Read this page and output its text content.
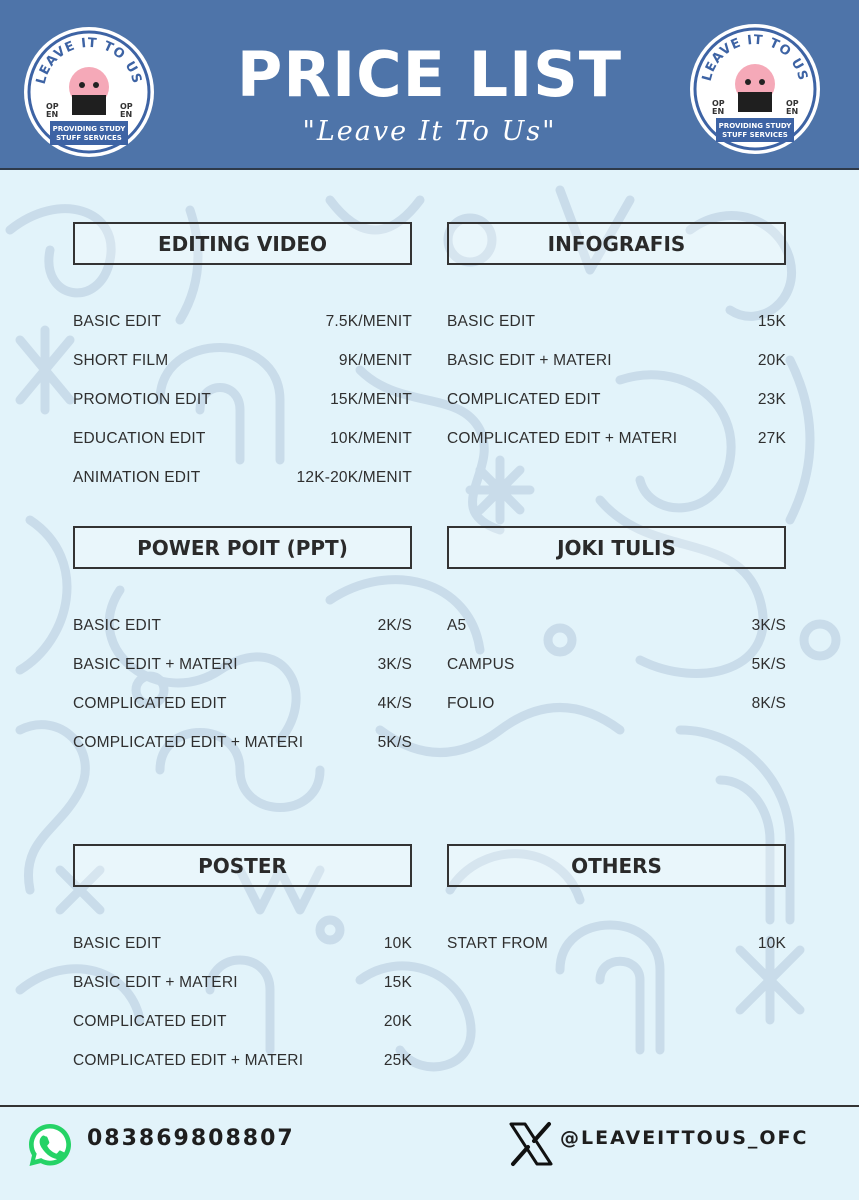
PRICE LIST
"Leave It To Us"
LEAVE IT TO US
OP
EN
OP
EN
PROVIDING STUDY
STUFF SERVICES
LEAVE IT TO US
OP
EN
OP
EN
PROVIDING STUDY
STUFF SERVICES
EDITING VIDEO
BASIC EDIT	7.5K/MENIT
SHORT FILM	9K/MENIT
PROMOTION EDIT	15K/MENIT
EDUCATION EDIT	10K/MENIT
ANIMATION EDIT	12K-20K/MENIT
INFOGRAFIS
BASIC EDIT	15K
BASIC EDIT + MATERI	20K
COMPLICATED EDIT	23K
COMPLICATED EDIT + MATERI	27K
POWER POIT (PPT)
BASIC EDIT	2K/S
BASIC EDIT + MATERI	3K/S
COMPLICATED EDIT	4K/S
COMPLICATED EDIT + MATERI	5K/S
JOKI TULIS
A5	3K/S
CAMPUS	5K/S
FOLIO	8K/S
POSTER
BASIC EDIT	10K
BASIC EDIT + MATERI	15K
COMPLICATED EDIT	20K
COMPLICATED EDIT + MATERI	25K
OTHERS
START FROM	10K
083869808807	@LEAVEITTOUS_OFC
